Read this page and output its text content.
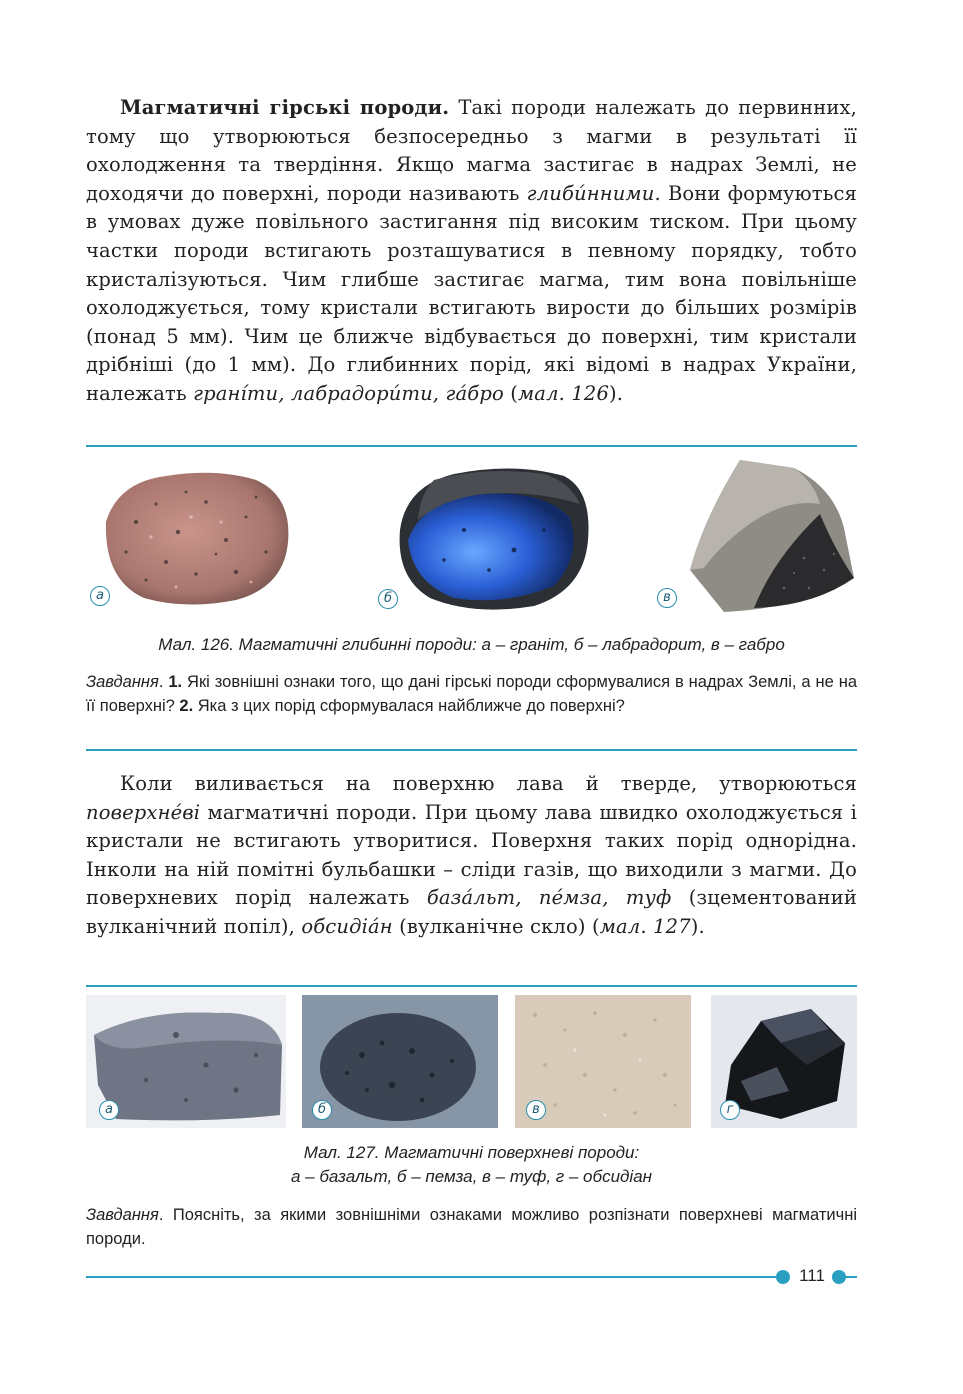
Магматичні гірські породи. Такі породи належать до первинних, тому що утворюються безпосередньо з магми в результаті її охолодження та твердіння. Якщо магма застигає в надрах Землі, не доходячи до поверхні, породи називають глиби́нними. Вони формуються в умовах дуже повільного застигання під високим тиском. При цьому частки породи встигають розташуватися в певному порядку, тобто кристалізуються. Чим глибше застигає магма, тим вона повільніше охолоджується, тому кристали встигають вирости до більших розмірів (понад 5 мм). Чим це ближче відбувається до поверхні, тим кристали дрібніші (до 1 мм). До глибинних порід, які відомі в надрах України, належать грані́ти, лабрадори́ти, га́бро (мал. 126).

а	б	в
Мал. 126. Магматичні глибинні породи: а – граніт, б – лабрадорит, в – габро
Завдання. 1. Які зовнішні ознаки того, що дані гірські породи сформувалися в надрах Землі, а не на її поверхні? 2. Яка з цих порід сформувалася найближче до поверхні?

Коли виливається на поверхню лава й тверде, утворюються поверхне́ві магматичні породи. При цьому лава швидко охолоджується і кристали не встигають утворитися. Поверхня таких порід однорідна. Інколи на ній помітні бульбашки – сліди газів, що виходили з магми. До поверхневих порід належать база́льт, пе́мза, туф (зцементований вулканічний попіл), обсидіа́н (вулканічне скло) (мал. 127).

а	б	в	г
Мал. 127. Магматичні поверхневі породи:
а – базальт, б – пемза, в – туф, г – обсидіан
Завдання. Поясніть, за якими зовнішніми ознаками можливо розпізнати поверхневі магматичні породи.
111
